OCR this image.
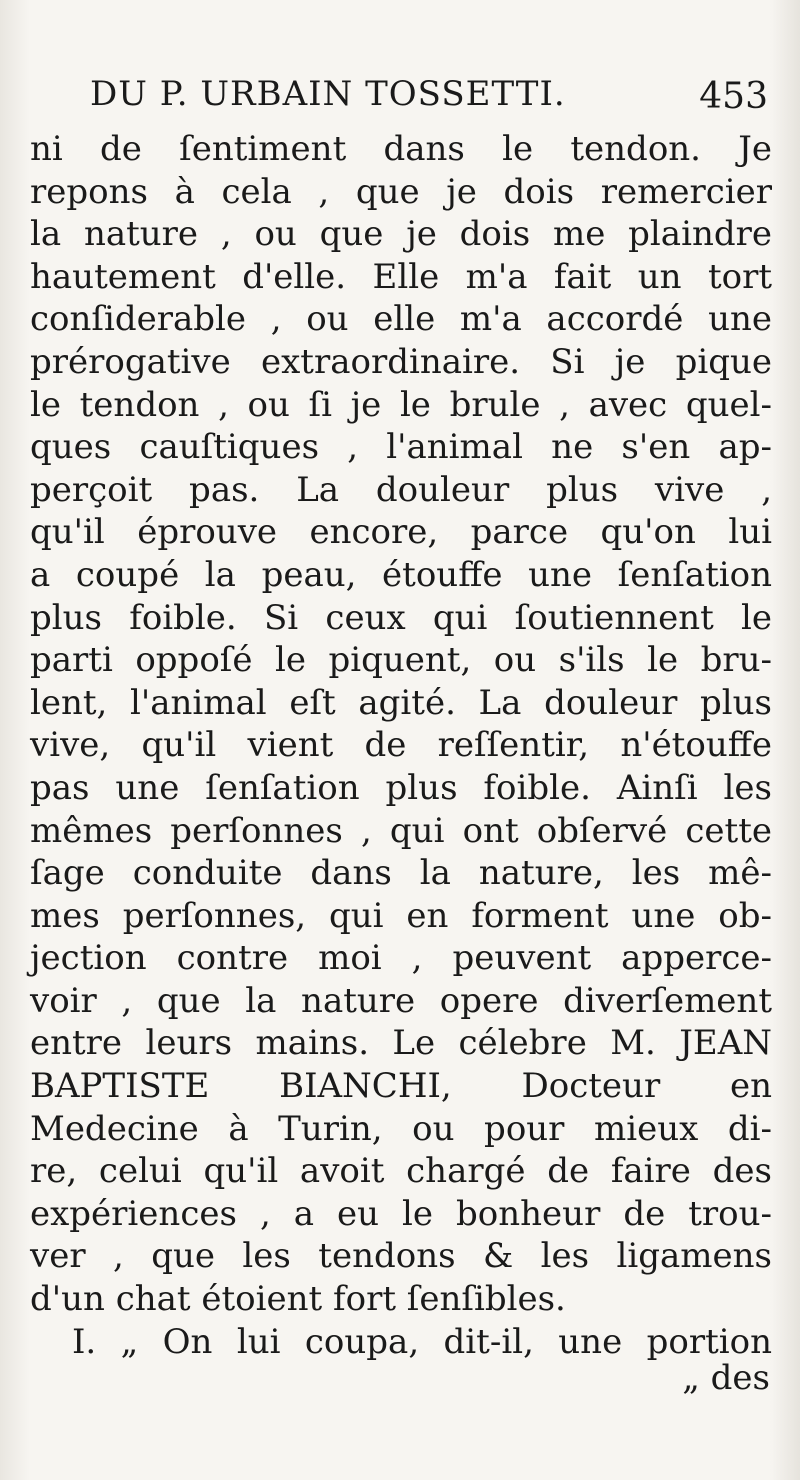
DU P. URBAIN TOSSETTI.	453
ni de ſentiment dans le tendon. Je
repons à cela , que je dois remercier
la nature , ou que je dois me plaindre
hautement d'elle. Elle m'a fait un tort
conſiderable , ou elle m'a accordé une
prérogative extraordinaire. Si je pique
le tendon , ou ſi je le brule , avec quel-
ques cauſtiques , l'animal ne s'en ap-
perçoit pas. La douleur plus vive ,
qu'il éprouve encore, parce qu'on lui
a coupé la peau, étouffe une ſenſation
plus foible. Si ceux qui ſoutiennent le
parti oppoſé le piquent, ou s'ils le bru-
lent, l'animal eſt agité. La douleur plus
vive, qu'il vient de reſſentir, n'étouffe
pas une ſenſation plus foible. Ainſi les
mêmes perſonnes , qui ont obſervé cette
ſage conduite dans la nature, les mê-
mes perſonnes, qui en forment une ob-
jection contre moi , peuvent apperce-
voir , que la nature opere diverſement
entre leurs mains. Le célebre M. JEAN
BAPTISTE BIANCHI, Docteur en
Medecine à Turin, ou pour mieux di-
re, celui qu'il avoit chargé de faire des
expériences , a eu le bonheur de trou-
ver , que les tendons & les ligamens
d'un chat étoient fort ſenſibles.
I. „ On lui coupa, dit-il, une portion
„ des
